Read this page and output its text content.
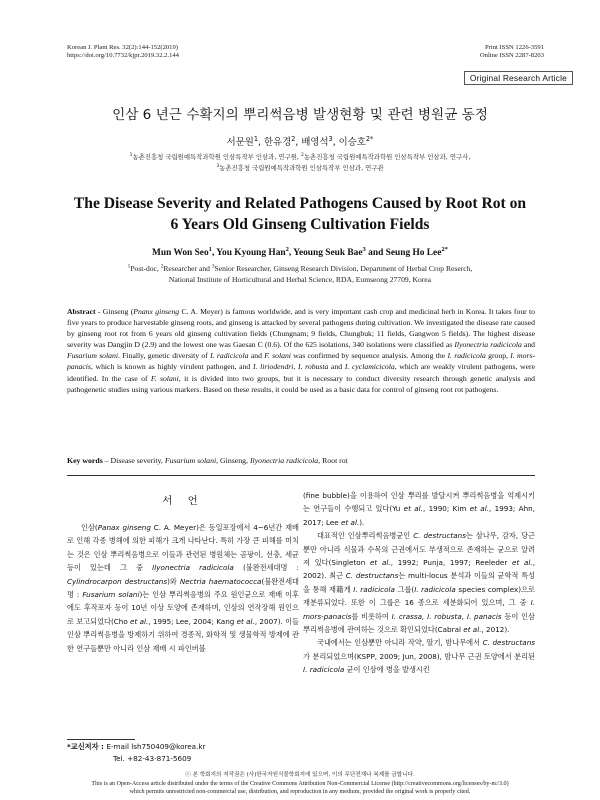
Korean J. Plant Res. 32(2):144-152(2019)
https://doi.org/10.7732/kjpr.2019.32.2.144
Print ISSN 1226-3591
Online ISSN 2287-8203
Original Research Article
인삼 6 년근 수확지의 뿌리썩음병 발생현황 및 관련 병원균 동정
서문원$^1$, 한유경$^2$, 배영석$^3$, 이승호$^{2*}$
$^1$농촌진흥청 국립원예특작과학원 인삼특작부 인삼과, 연구원, $^2$농촌진흥청 국립원예특작과학원 인삼특작부 인삼과, 연구사,
$^3$농촌진흥청 국립원예특작과학원 인삼특작부 인삼과, 연구관
The Disease Severity and Related Pathogens Caused by Root Rot on
6 Years Old Ginseng Cultivation Fields
Mun Won Seo$^1$, You Kyoung Han$^2$, Yeoung Seuk Bae$^3$ and Seung Ho Lee$^{2*}$
$^1$Post-doc, $^2$Researcher and $^3$Senior Researcher, Ginseng Research Division, Department of Herbal Crop Reserch,
National Institute of Horticultural and Herbal Science, RDA, Eumseong 27709, Korea
Abstract - Ginseng (Pnanx ginseng C. A. Meyer) is famous worldwide, and is very important cash crop and medicinal herb in Korea. It takes four to five years to produce harvestable ginseng roots, and ginseng is attacked by several pathogens during cultivation. We investigated the disease rate caused by ginseng root rot from 6 years old ginseng cultivation fields (Chungnam; 9 fields, Chungbuk; 11 fields, Gangwon 5 fields). The highest disease severity was Dangjin D (2.9) and the lowest one was Gaesan C (0.6). Of the 625 isolations, 340 isolations were classified as Ilyonectria radicicola and Fusarium solani. Finally, genetic diversity of I. radicicola and F. solani was confirmed by sequence analysis. Among the I. radicicola group, I. mors-panacis, which is known as highly virulent pathogen, and I. liriodendri, I. robusta and I. cyclamicicola, which are weakly virulent pathogens, were identified. In the case of F. solani, it is divided into two groups, but it is necessary to conduct diversity research through genetic analysis and pathogenetic studies using various markers. Based on these results, it could be used as a basic data for control of ginseng root rot pathogens.
Key words – Disease severity, Fusarium solani, Ginseng, Ilyonectria radicicola, Root rot
서 언

인삼(Panax ginseng C. A. Meyer)은 동일포장에서 4~6년간 재배로 인해 각종 병해에 의한 피해가 크게 나타난다. 특히 가장 큰 피해를 미치는 것은 인삼 뿌리썩음병으로 이들과 관련된 병원체는 곰팡이, 선충, 세균 등이 있는데 그 중 Ilyonectria radicicola (불완전세대명 : Cylindrocarpon destructans)와 Nectria haematococca(불완전세대명 : Fusarium solani)는 인삼 뿌리썩음병의 주요 원인균으로 재배 이후에도 후작포자 등이 10년 이상 토양에 존재하며, 인삼의 연작장해 원인으로 보고되었다(Cho et al., 1995; Lee, 2004; Kang et al., 2007). 이들 인삼 뿌리썩음병을 방제하기 위하여 경종적, 화학적 및 생물학적 방제에 관한 연구들뿐만 아니라 인삼 재배 시 파인버블

*교신저자 : E-mail lsh750409@korea.kr
Tel. +82-43-871-5609

(fine bubble)을 이용하여 인삼 뿌리를 발달시켜 뿌리썩음병을 억제시키는 연구들이 수행되고 있다(Yu et al., 1990; Kim et al., 1993; Ahn, 2017; Lee et al.).

대표적인 인삼뿌리썩음병균인 C. destructans는 삼나무, 감자, 당근뿐만 아니라 식물과 수목의 근권에서도 부생적으로 존재하는 균으로 알려져 있다(Singleton et al., 1992; Punja, 1997; Reeleder et al., 2002). 최근 C. destructans는 multi-locus 분석과 이들의 균학적 특성을 통해 재籍게 I. radicicola 그룹(I. radicicola species complex)으로 재분류되었다. 또한 이 그룹은 16 종으로 세분화되어 있으며, 그 중 I. mors-panacis를 비롯하여 I. crassa, I. robusta, I. panacis 등이 인삼 뿌리썩음병에 관여하는 것으로 확인되었다(Cabral et al., 2012).

국내에서는 인삼뿐만 아니라 작약, 딸기, 밤나무에서 C. destructans가 분리되었으며(KSPP, 2009; Jun, 2008), 밤나무 근권 토양에서 분리된 I. radicicola 균이 인삼에 병을 발생시킨

ⓒ 본 학회지의 저작권은 (사)한국자원식물학회지에 있으며, 이의 무단전재나 복제를 금합니다.
This is an Open-Access article distributed under the terms of the Creative Commons Attribution Non-Commercial License (http://creativecommons.org/licenses/by-nc/3.0)
which permits unrestricted non-commercial use, distribution, and reproduction in any medium, provided the original work is properly cited.
